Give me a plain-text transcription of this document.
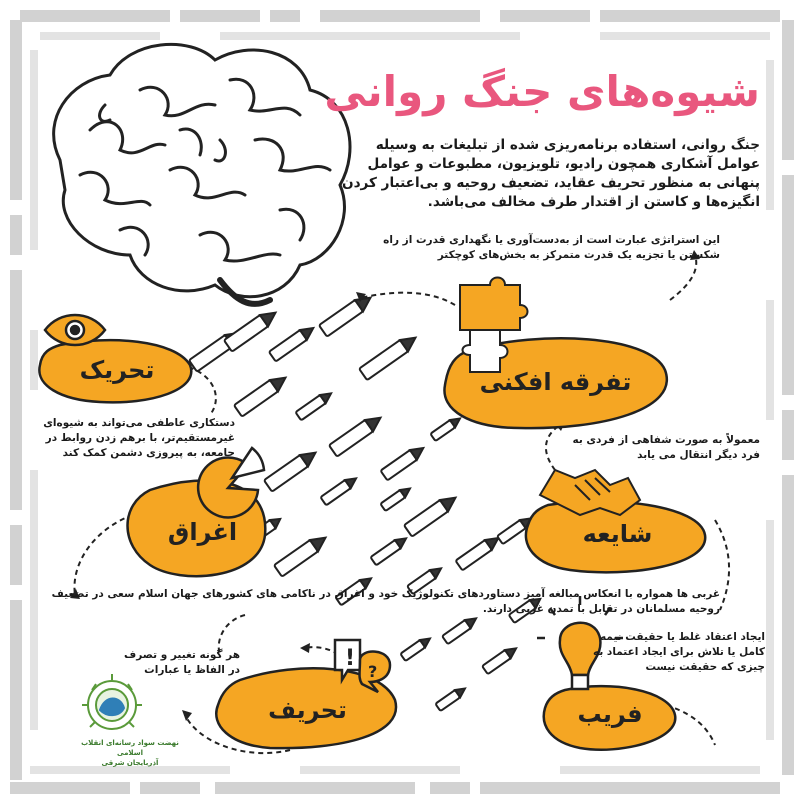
!
?
شیوه‌های جنگ روانی
جنگ روانی، استفاده برنامه‌ریزی شده از تبلیغات به وسیله عوامل آشکاری همچون رادیو، تلویزیون، مطبوعات و عوامل پنهانی به منظور تحریف عقاید، تضعیف روحیه و بی‌اعتبار کردن انگیزه‌ها و کاستن از اقتدار طرف مخالف می‌باشد.
تفرقه افکنی
این استراتژی عبارت است از به‌دست‌آوری یا نگهداری قدرت از راه شکستن یا تجزیه یک قدرت متمرکز به بخش‌های کوچکتر
تحریک
دستکاری عاطفی می‌تواند به شیوه‌ای غیرمستقیم‌تر، با برهم زدن روابط در جامعه، به پیروزی دشمن کمک کند
شایعه
معمولاً به صورت شفاهی از فردی به فرد دیگر انتقال می یابد
اغراق
غربی ها همواره با انعکاس مبالغه آمیز دستاوردهای تکنولوژیک خود و اغراق در ناکامی های کشورهای جهان اسلام سعی در تضعیف روحیه مسلمانان در تقابل با تمدن غربی دارند.
تحریف
هر گونه تغییر و تصرف در الفاظ یا عبارات
فریب
ایجاد اعتقاد غلط یا حقیقت نیمه کامل یا تلاش برای ایجاد اعتماد به چیزی که حقیقت نیست
نهضت سواد رسانه‌ای انقلاب اسلامی
آذربایجان شرقی
